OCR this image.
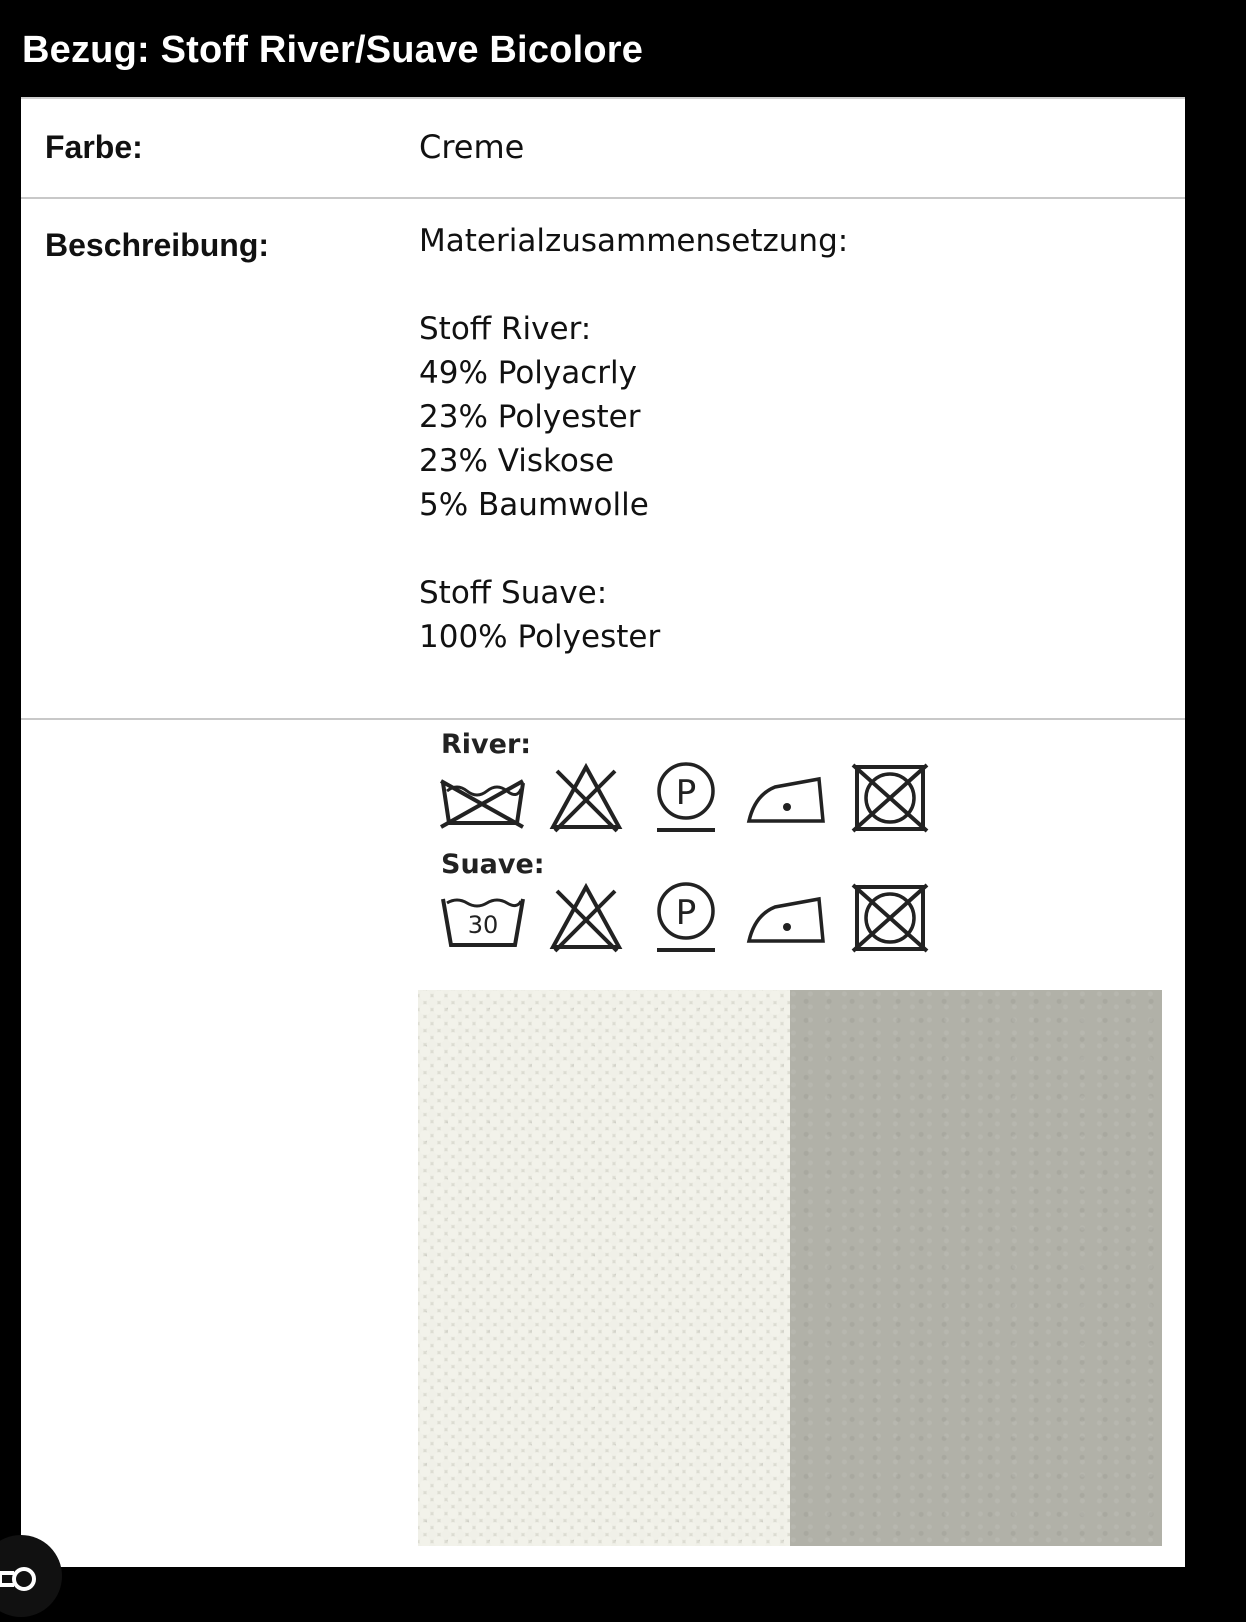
Bezug: Stoff River/Suave Bicolore
Farbe:	Creme
Beschreibung:	Materialzusammensetzung:
Stoff River:
49% Polyacrly
23% Polyester
23% Viskose
5% Baumwolle
Stoff Suave:
100% Polyester
River:
P
Suave:
30	P
